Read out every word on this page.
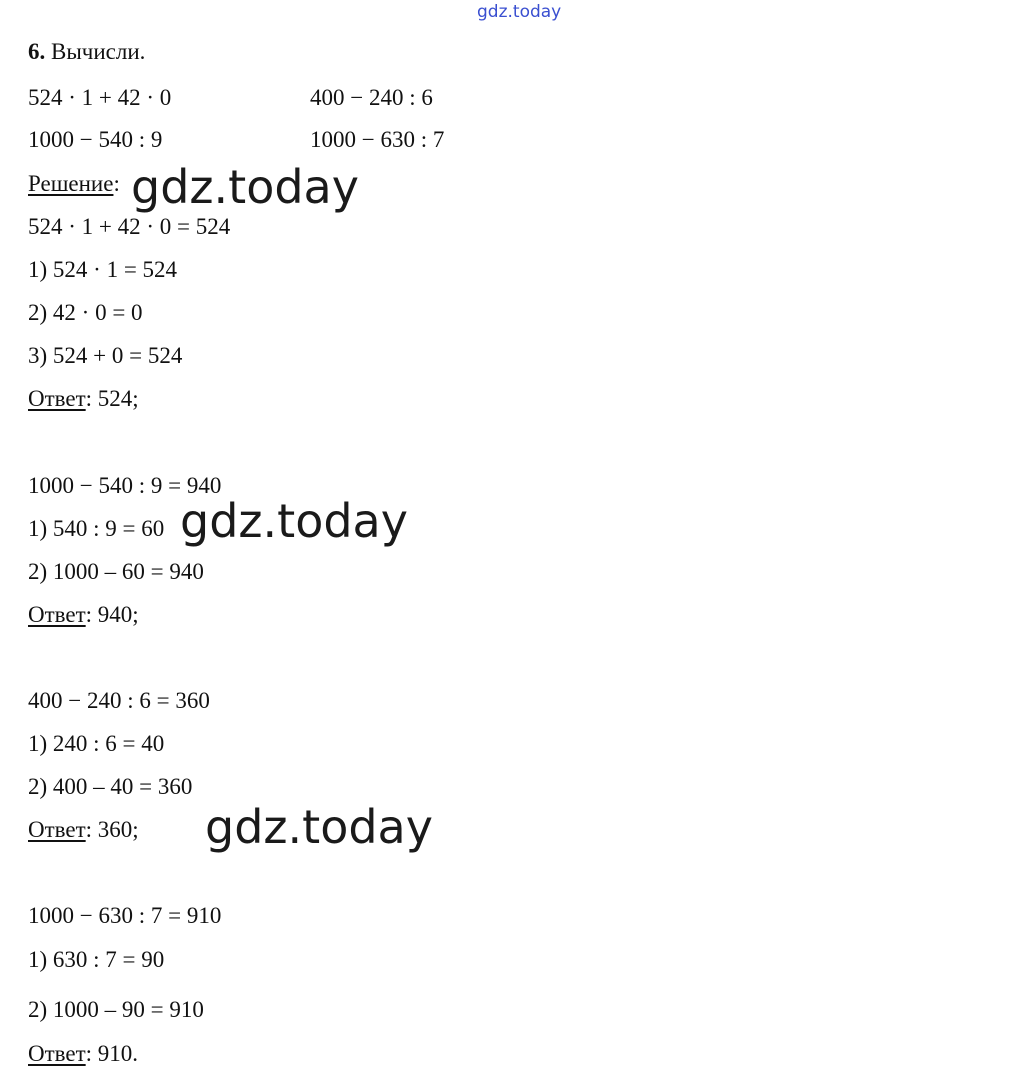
gdz.today
6. Вычисли.
524 · 1 + 42 · 0	400 − 240 : 6
1000 − 540 : 9	1000 − 630 : 7
Решение: gdz.today
524 · 1 + 42 · 0 = 524
1) 524 · 1 = 524
2) 42 · 0 = 0
3) 524 + 0 = 524
Ответ: 524;
1000 − 540 : 9 = 940
1) 540 : 9 = 60 gdz.today
2) 1000 – 60 = 940
Ответ: 940;
400 − 240 : 6 = 360
1) 240 : 6 = 40
2) 400 – 40 = 360
Ответ: 360; gdz.today
1000 − 630 : 7 = 910
1) 630 : 7 = 90
2) 1000 – 90 = 910
Ответ: 910.
